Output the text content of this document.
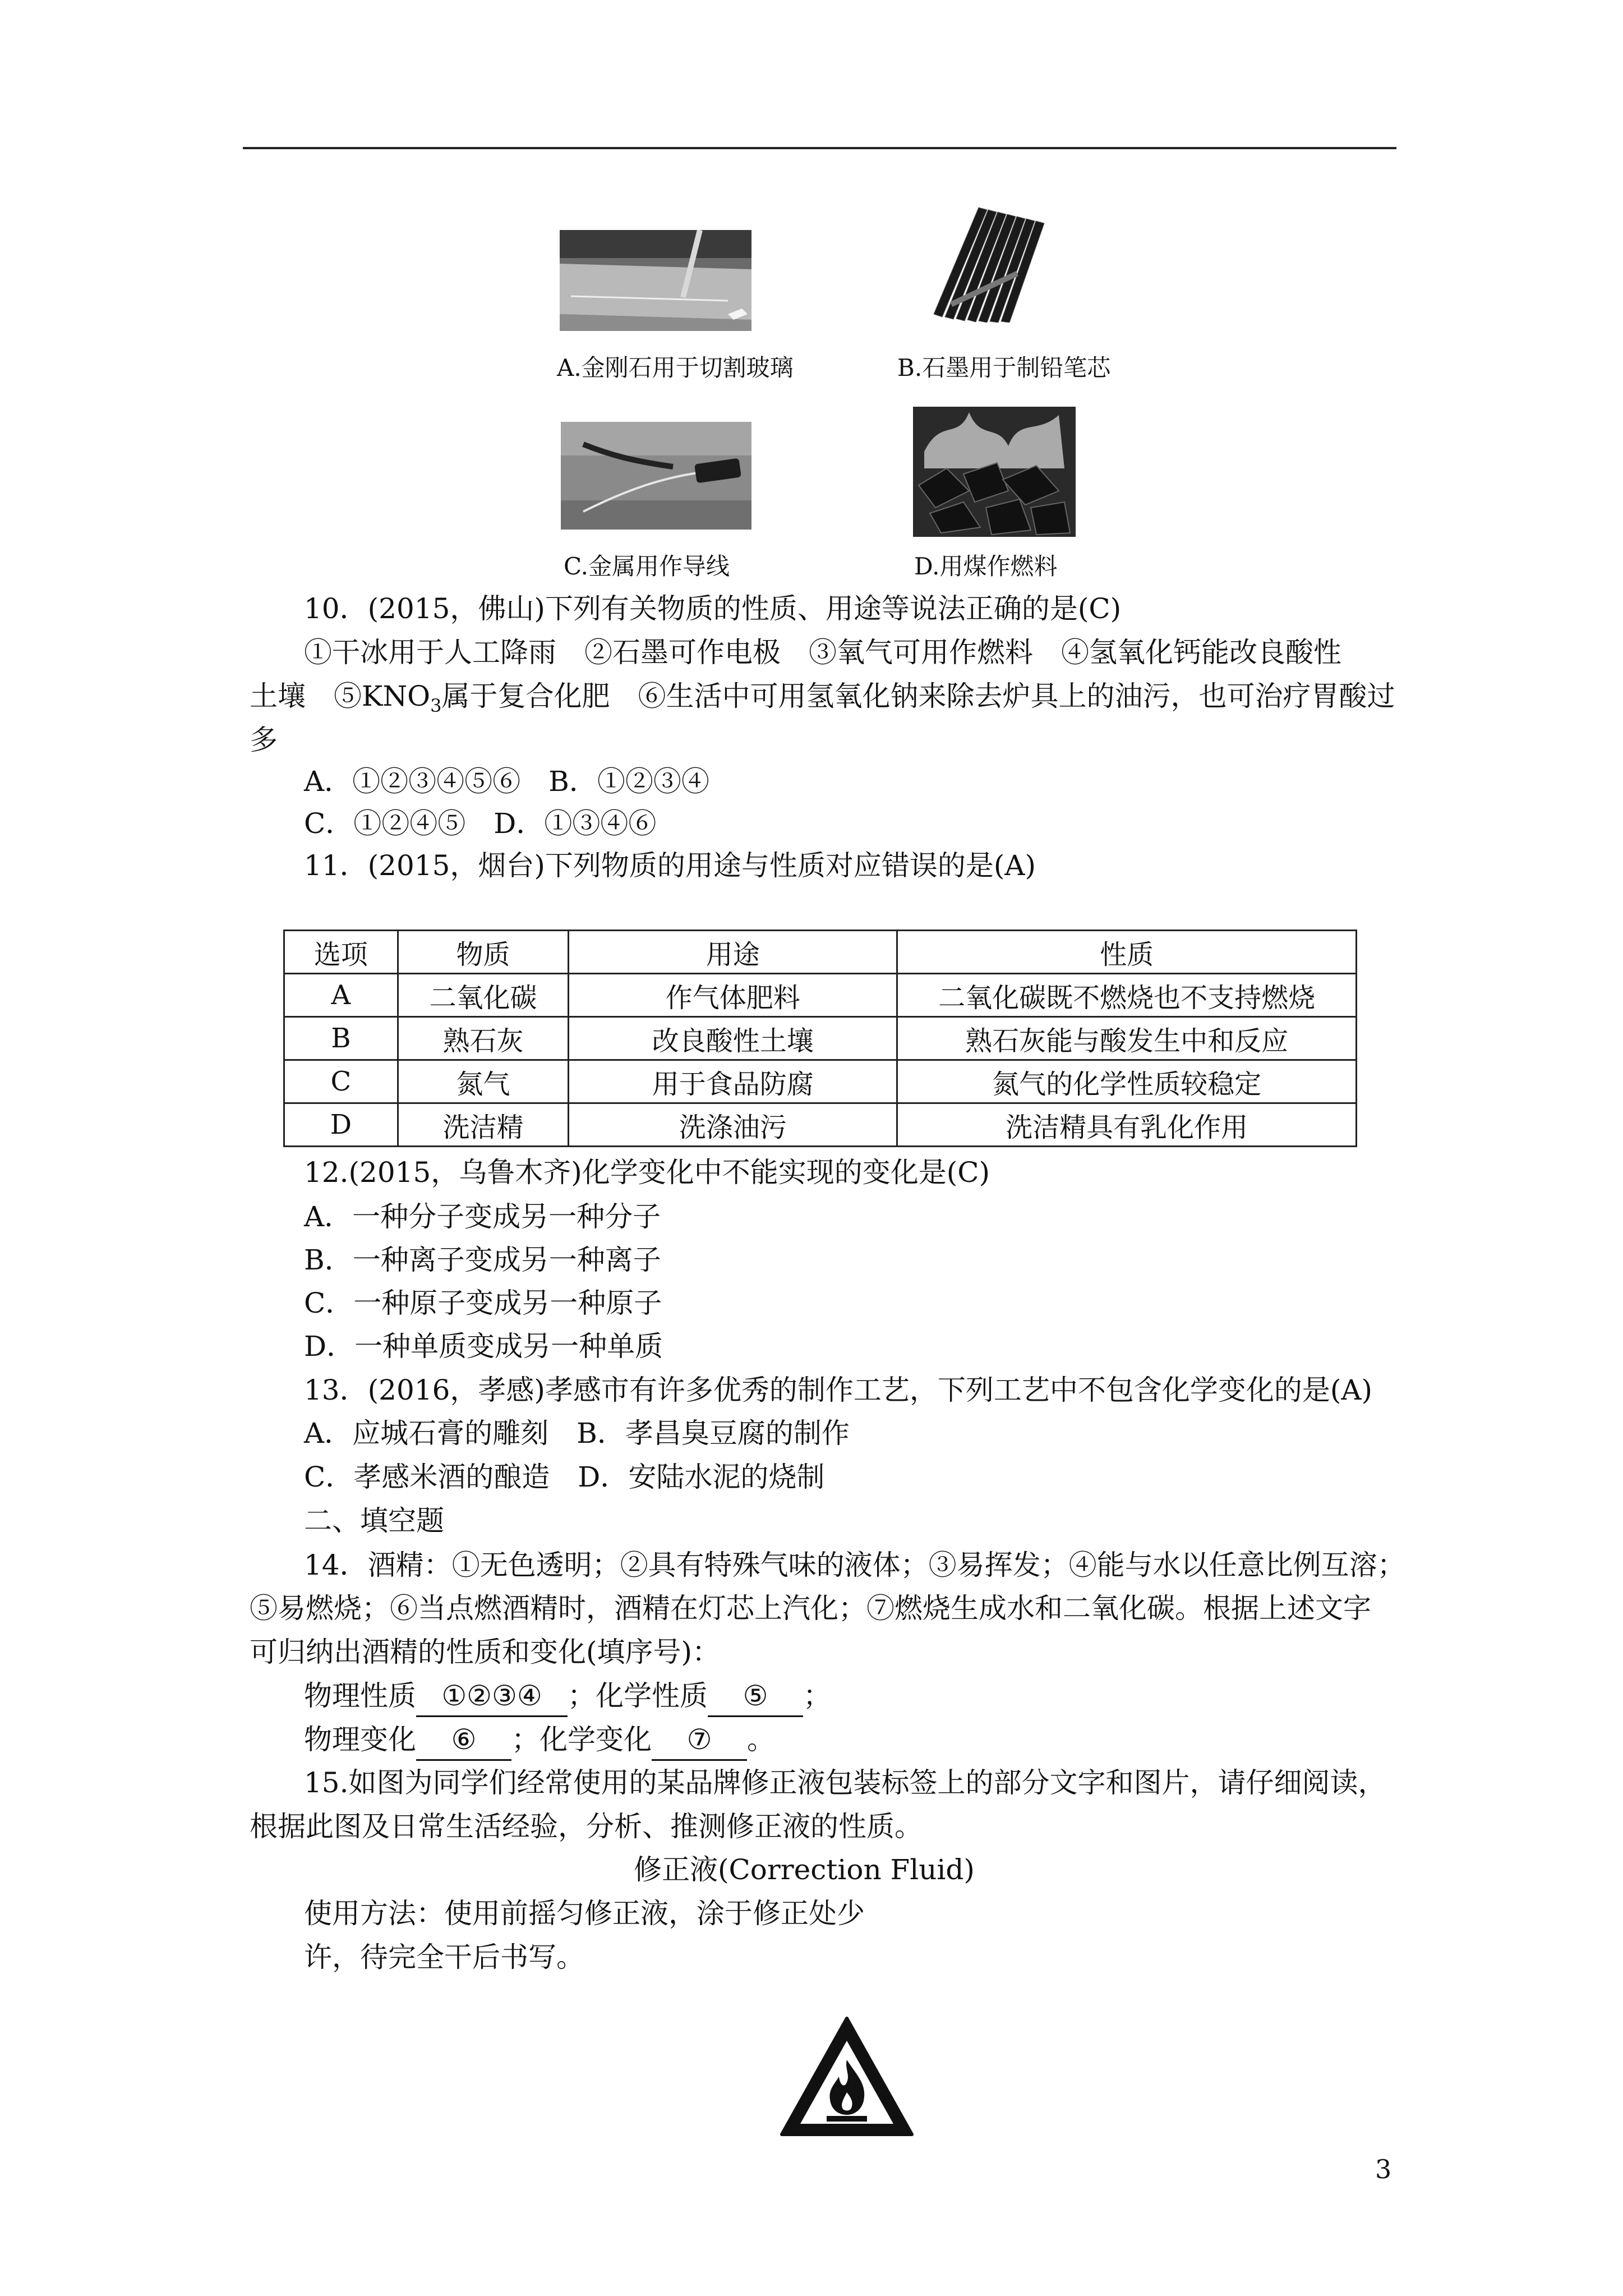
A.金刚石用于切割玻璃	B.石墨用于制铅笔芯
C.金属用作导线	D.用煤作燃料
10．(2015，佛山)下列有关物质的性质、用途等说法正确的是(C)
①干冰用于人工降雨　②石墨可作电极　③氧气可用作燃料　④氢氧化钙能改良酸性
土壤　$⑤KNO_3$属于复合化肥　⑥生活中可用氢氧化钠来除去炉具上的油污，也可治疗胃酸过
多
A．①②③④⑤⑥　B．①②③④
C．①②④⑤　D．①③④⑥
11．(2015，烟台)下列物质的用途与性质对应错误的是(A)
选项	物质	用途	性质
A	二氧化碳	作气体肥料	二氧化碳既不燃烧也不支持燃烧
B	熟石灰	改良酸性土壤	熟石灰能与酸发生中和反应
C	氮气	用于食品防腐	氮气的化学性质较稳定
D	洗洁精	洗涤油污	洗洁精具有乳化作用
12.(2015，乌鲁木齐)化学变化中不能实现的变化是(C)
A．一种分子变成另一种分子
B．一种离子变成另一种离子
C．一种原子变成另一种原子
D．一种单质变成另一种单质
13．(2016，孝感)孝感市有许多优秀的制作工艺，下列工艺中不包含化学变化的是(A)
A．应城石膏的雕刻　B．孝昌臭豆腐的制作
C．孝感米酒的酿造　D．安陆水泥的烧制
二、填空题
14．酒精：①无色透明；②具有特殊气味的液体；③易挥发；④能与水以任意比例互溶；
⑤易燃烧；⑥当点燃酒精时，酒精在灯芯上汽化；⑦燃烧生成水和二氧化碳。根据上述文字
可归纳出酒精的性质和变化(填序号)：
物理性质 ①②③④ ；化学性质 ⑤ ；
物理变化 ⑥ ；化学变化 ⑦ 。
15.如图为同学们经常使用的某品牌修正液包装标签上的部分文字和图片，请仔细阅读，
根据此图及日常生活经验，分析、推测修正液的性质。
修正液(Correction Fluid)
使用方法：使用前摇匀修正液，涂于修正处少
许，待完全干后书写。
3
